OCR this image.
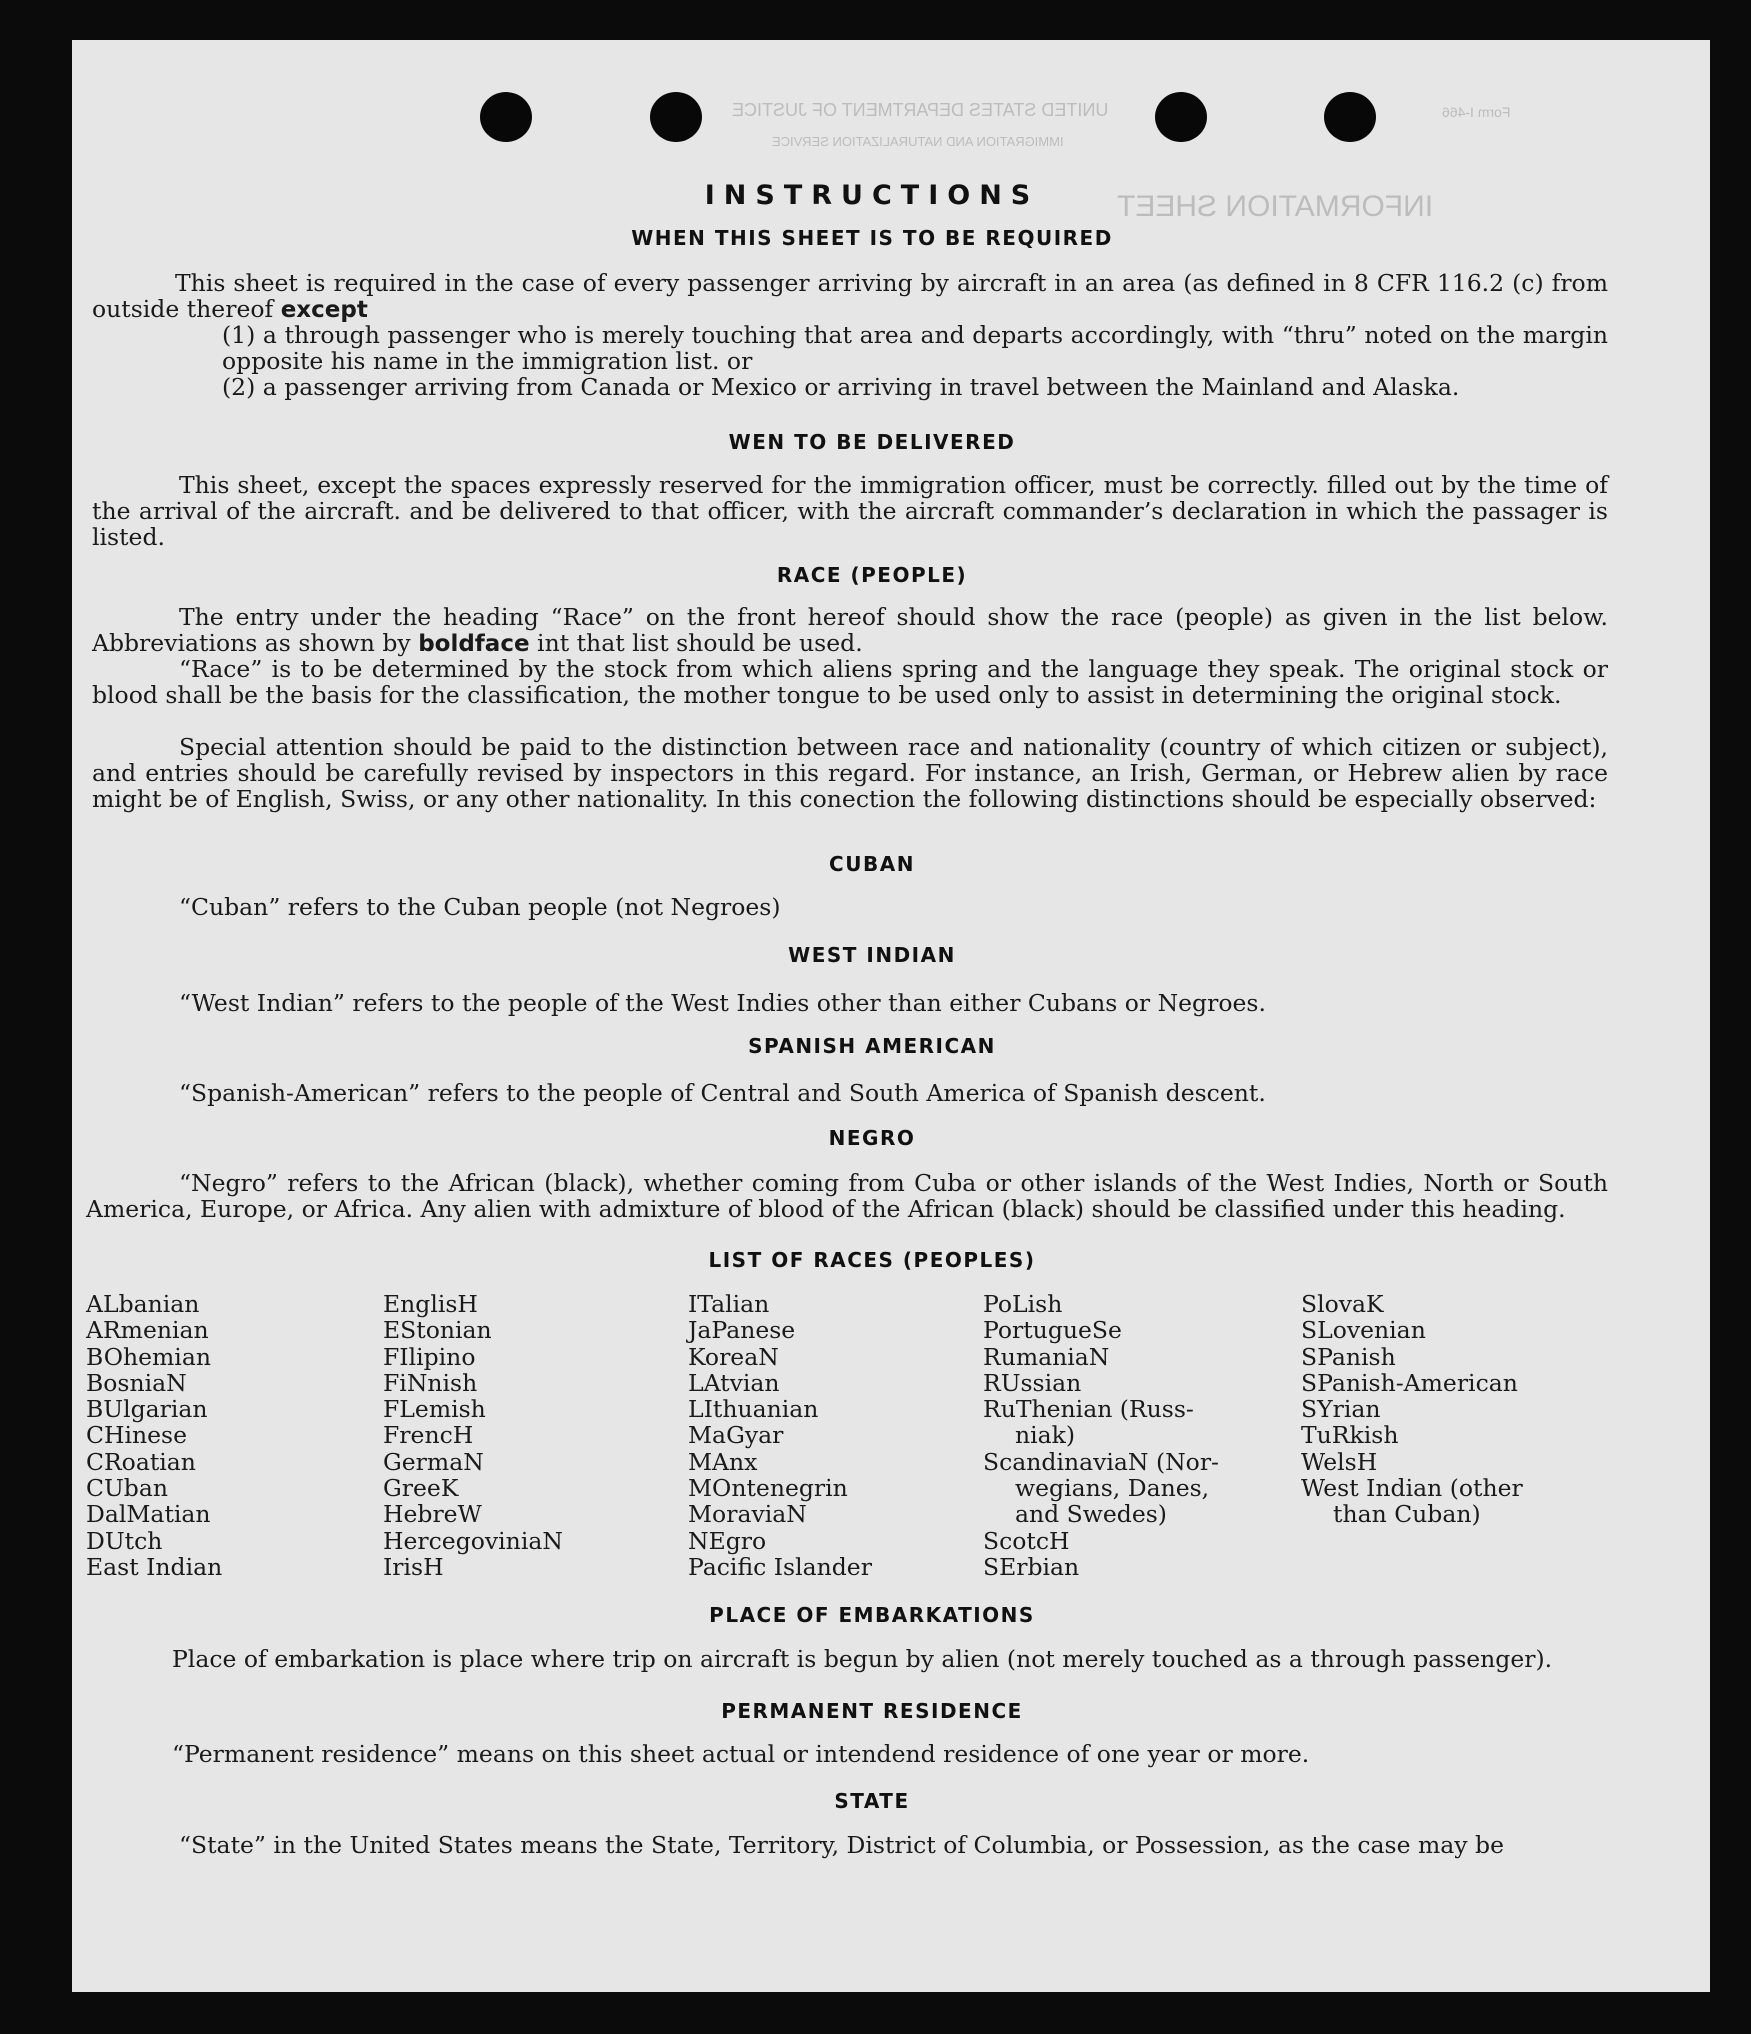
UNITED STATES DEPARTMENT OF JUSTICE
IMMIGRATION AND NATURALIZATION SERVICE
Form I-466
INFORMATION SHEET
INSTRUCTIONS
WHEN THIS SHEET IS TO BE REQUIRED
This sheet is required in the case of every passenger arriving by aircraft in an area (as defined in 8 CFR 116.2 (c) from outside thereof except
(1) a through passenger who is merely touching that area and departs accordingly, with “thru” noted on the margin opposite his name in the immigration list. or
(2) a passenger arriving from Canada or Mexico or arriving in travel between the Mainland and Alaska.
WEN TO BE DELIVERED
This sheet, except the spaces expressly reserved for the immigration officer, must be correctly. filled out by the time of the arrival of the aircraft. and be delivered to that officer, with the aircraft commander’s declaration in which the passager is listed.
RACE (PEOPLE)
The entry under the heading “Race” on the front hereof should show the race (people) as given in the list below. Abbreviations as shown by boldface int that list should be used.
“Race” is to be determined by the stock from which aliens spring and the language they speak. The original stock or blood shall be the basis for the classification, the mother tongue to be used only to assist in determining the original stock.
Special attention should be paid to the distinction between race and nationality (country of which citizen or subject), and entries should be carefully revised by inspectors in this regard. For instance, an Irish, German, or Hebrew alien by race might be of English, Swiss, or any other nationality. In this conection the following distinctions should be especially observed:
CUBAN
“Cuban” refers to the Cuban people (not Negroes)
WEST INDIAN
“West Indian” refers to the people of the West Indies other than either Cubans or Negroes.
SPANISH AMERICAN
“Spanish-American” refers to the people of Central and South America of Spanish descent.
NEGRO
“Negro” refers to the African (black), whether coming from Cuba or other islands of the West Indies, North or South America, Europe, or Africa. Any alien with admixture of blood of the African (black) should be classified under this heading.
LIST OF RACES (PEOPLES)
ALbanian
ARmenian
BOhemian
BosniaN
BUlgarian
CHinese
CRoatian
CUban
DalMatian
DUtch
East Indian
EnglisH
EStonian
FIlipino
FiNnish
FLemish
FrencH
GermaN
GreeK
HebreW
HercegoviniaN
IrisH
ITalian
JaPanese
KoreaN
LAtvian
LIthuanian
MaGyar
MAnx
MOntenegrin
MoraviaN
NEgro
Pacific Islander
PoLish
PortugueSe
RumaniaN
RUssian
RuThenian (Russ-
niak)
ScandinaviaN (Nor-
wegians, Danes,
and Swedes)
ScotcH
SErbian
SlovaK
SLovenian
SPanish
SPanish-American
SYrian
TuRkish
WelsH
West Indian (other
than Cuban)
PLACE OF EMBARKATIONS
Place of embarkation is place where trip on aircraft is begun by alien (not merely touched as a through passenger).
PERMANENT RESIDENCE
“Permanent residence” means on this sheet actual or intendend residence of one year or more.
STATE
“State” in the United States means the State, Territory, District of Columbia, or Possession, as the case may be
